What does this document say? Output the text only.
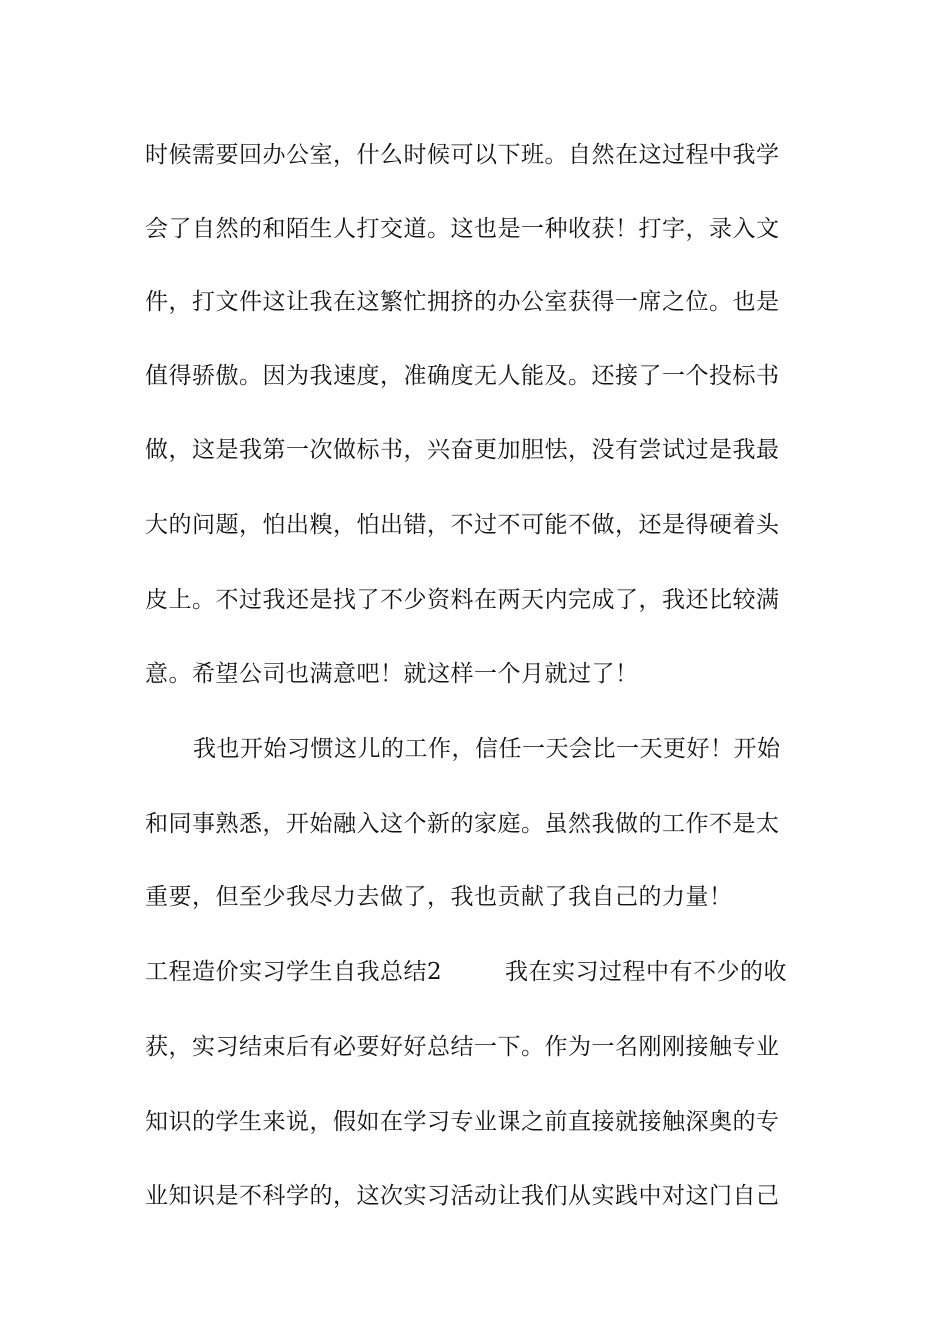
时候需要回办公室，什么时候可以下班。自然在这过程中我学
会了自然的和陌生人打交道。这也是一种收获！打字，录入文
件，打文件这让我在这繁忙拥挤的办公室获得一席之位。也是
值得骄傲。因为我速度，准确度无人能及。还接了一个投标书
做，这是我第一次做标书，兴奋更加胆怯，没有尝试过是我最
大的问题，怕出糗，怕出错，不过不可能不做，还是得硬着头
皮上。不过我还是找了不少资料在两天内完成了，我还比较满
意。希望公司也满意吧！就这样一个月就过了！
我也开始习惯这儿的工作，信任一天会比一天更好！开始
和同事熟悉，开始融入这个新的家庭。虽然我做的工作不是太
重要，但至少我尽力去做了，我也贡献了我自己的力量！
工程造价实习学生自我总结2	我在实习过程中有不少的收
获，实习结束后有必要好好总结一下。作为一名刚刚接触专业
知识的学生来说，假如在学习专业课之前直接就接触深奥的专
业知识是不科学的，这次实习活动让我们从实践中对这门自己
